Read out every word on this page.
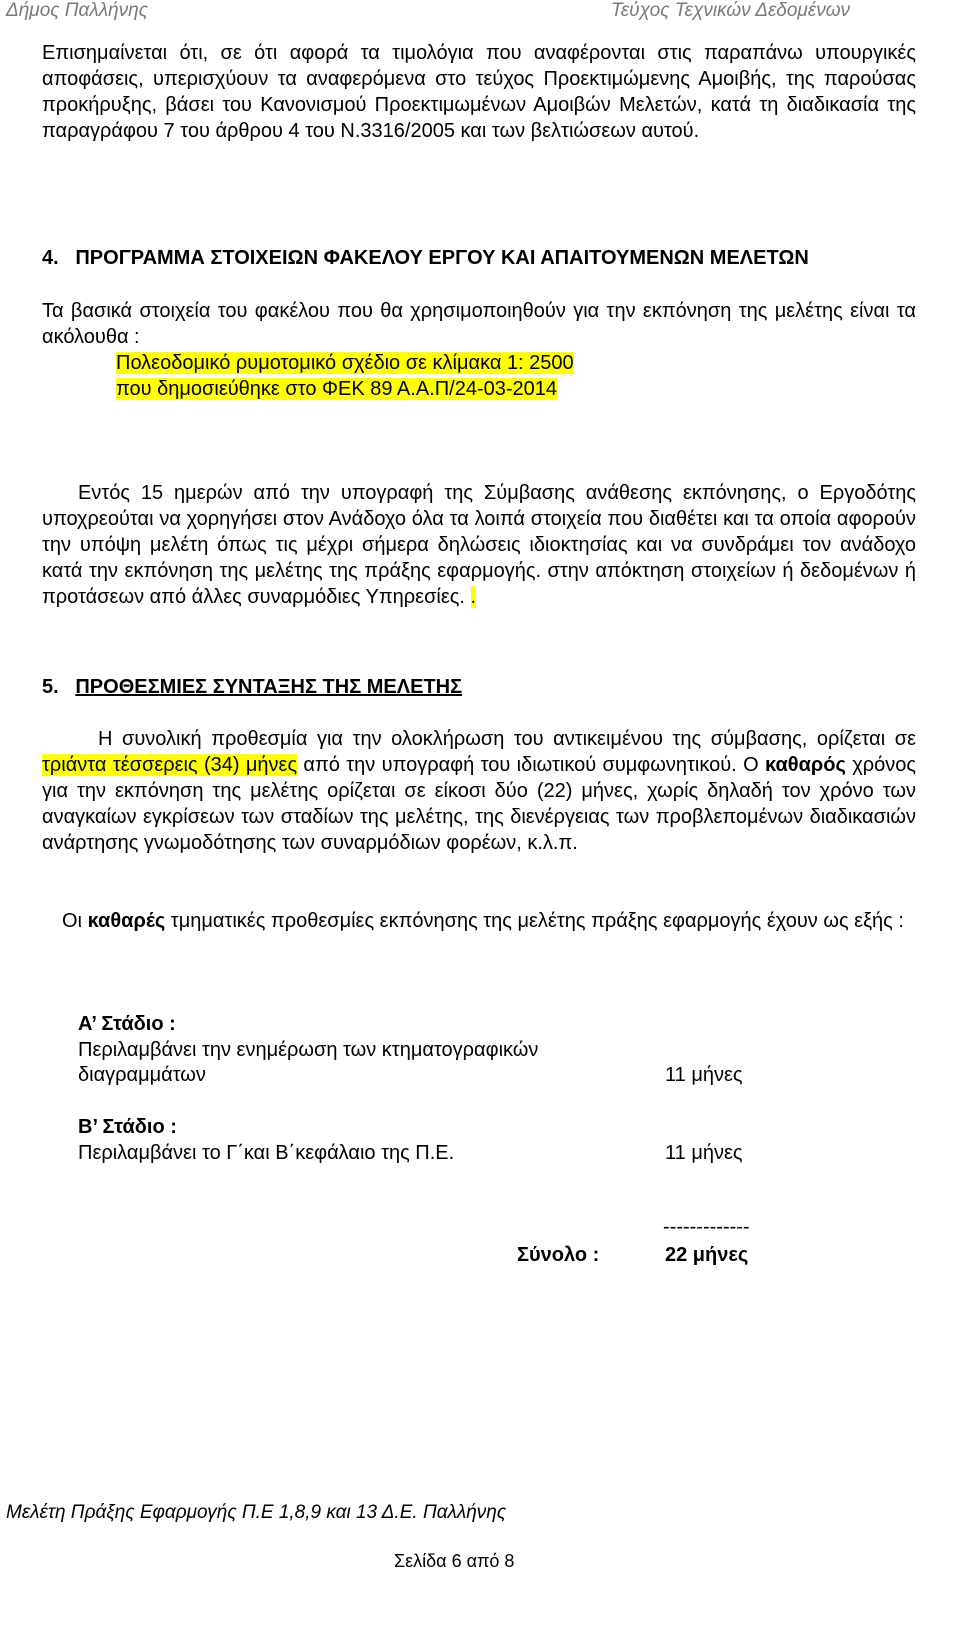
Δήμος Παλλήνης	Τεύχος Τεχνικών Δεδομένων

Επισημαίνεται ότι, σε ότι αφορά τα τιμολόγια που αναφέρονται στις παραπάνω υπουργικές αποφάσεις, υπερισχύουν τα αναφερόμενα στο τεύχος Προεκτιμώμενης Αμοιβής, της παρούσας προκήρυξης, βάσει του Κανονισμού Προεκτιμωμένων Αμοιβών Μελετών, κατά τη διαδικασία της παραγράφου 7 του άρθρου 4 του Ν.3316/2005 και των βελτιώσεων αυτού.

4. ΠΡΟΓΡΑΜΜΑ ΣΤΟΙΧΕΙΩΝ ΦΑΚΕΛΟΥ ΕΡΓΟΥ ΚΑΙ ΑΠΑΙΤΟΥΜΕΝΩΝ ΜΕΛΕΤΩΝ

Τα βασικά στοιχεία του φακέλου που θα χρησιμοποιηθούν για την εκπόνηση της μελέτης είναι τα ακόλουθα :

Πολεοδομικό ρυμοτομικό σχέδιο σε κλίμακα 1: 2500
που δημοσιεύθηκε στο ΦΕΚ 89 Α.Α.Π/24-03-2014

Εντός 15 ημερών από την υπογραφή της Σύμβασης ανάθεσης εκπόνησης, ο Εργοδότης υποχρεούται να χορηγήσει στον Ανάδοχο όλα τα λοιπά στοιχεία που διαθέτει και τα οποία αφορούν την υπόψη μελέτη όπως τις μέχρι σήμερα δηλώσεις ιδιοκτησίας και να συνδράμει τον ανάδοχο κατά την εκπόνηση της μελέτης της πράξης εφαρμογής. στην απόκτηση στοιχείων ή δεδομένων ή προτάσεων από άλλες συναρμόδιες Υπηρεσίες. .

5. ΠΡΟΘΕΣΜΙΕΣ ΣΥΝΤΑΞΗΣ ΤΗΣ ΜΕΛΕΤΗΣ

Η συνολική προθεσμία για την ολοκλήρωση του αντικειμένου της σύμβασης, ορίζεται σε τριάντα τέσσερεις (34) μήνες από την υπογραφή του ιδιωτικού συμφωνητικού. Ο καθαρός χρόνος για την εκπόνηση της μελέτης ορίζεται σε είκοσι δύο (22) μήνες, χωρίς δηλαδή τον χρόνο των αναγκαίων εγκρίσεων των σταδίων της μελέτης, της διενέργειας των προβλεπομένων διαδικασιών ανάρτησης γνωμοδότησης των συναρμόδιων φορέων, κ.λ.π.

Οι καθαρές τμηματικές προθεσμίες εκπόνησης της μελέτης πράξης εφαρμογής έχουν ως εξής :

Α’ Στάδιο :
Περιλαμβάνει την ενημέρωση των κτηματογραφικών
διαγραμμάτων	11 μήνες
Β’ Στάδιο :
Περιλαμβάνει το Γ΄και Β΄κεφάλαιο της Π.Ε.	11 μήνες
-------------
Σύνολο :	22 μήνες
Μελέτη Πράξης Εφαρμογής Π.Ε 1,8,9 και 13 Δ.Ε. Παλλήνης
Σελίδα 6 από 8
